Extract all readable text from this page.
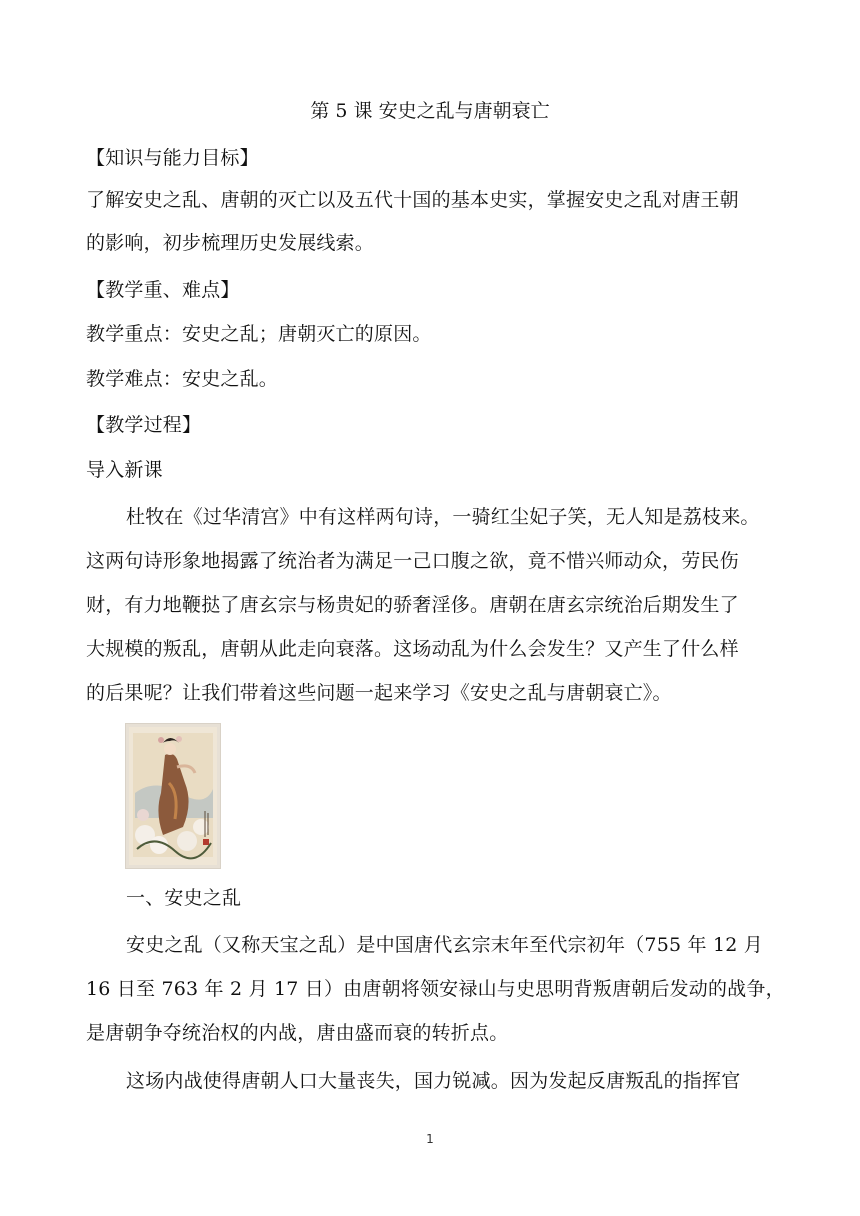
第 5 课 安史之乱与唐朝衰亡
【知识与能力目标】
了解安史之乱、唐朝的灭亡以及五代十国的基本史实，掌握安史之乱对唐王朝
的影响，初步梳理历史发展线索。
【教学重、难点】
教学重点：安史之乱；唐朝灭亡的原因。
教学难点：安史之乱。
【教学过程】
导入新课
杜牧在《过华清宫》中有这样两句诗，一骑红尘妃子笑，无人知是荔枝来。
这两句诗形象地揭露了统治者为满足一己口腹之欲，竟不惜兴师动众，劳民伤
财，有力地鞭挞了唐玄宗与杨贵妃的骄奢淫侈。唐朝在唐玄宗统治后期发生了
大规模的叛乱，唐朝从此走向衰落。这场动乱为什么会发生？又产生了什么样
的后果呢？让我们带着这些问题一起来学习《安史之乱与唐朝衰亡》。
一、安史之乱
安史之乱（又称天宝之乱）是中国唐代玄宗末年至代宗初年（755 年 12 月
16 日至 763 年 2 月 17 日）由唐朝将领安禄山与史思明背叛唐朝后发动的战争，
是唐朝争夺统治权的内战，唐由盛而衰的转折点。
这场内战使得唐朝人口大量丧失，国力锐减。因为发起反唐叛乱的指挥官
1
